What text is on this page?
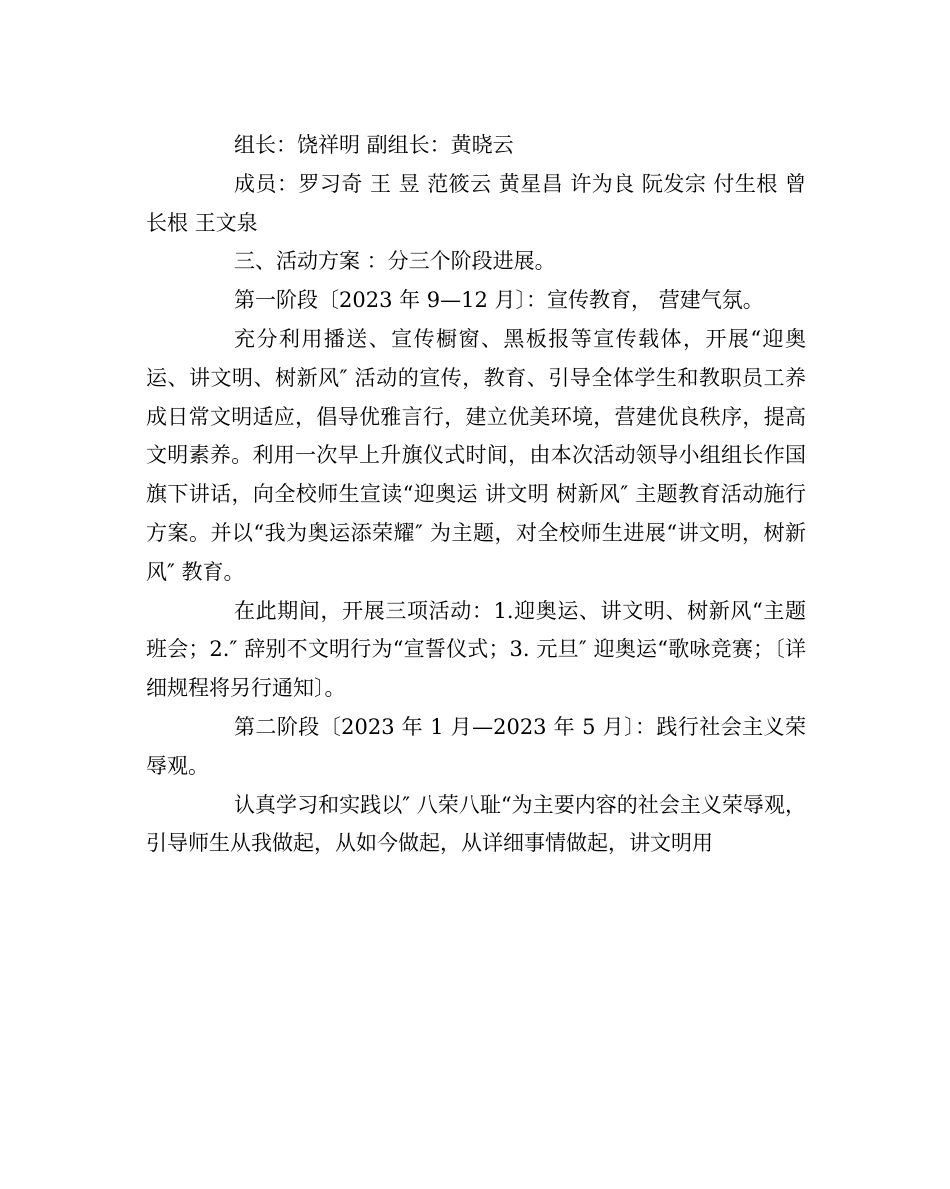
组长：饶祥明 副组长：黄晓云

成员：罗习奇 王 昱 范筱云 黄星昌 许为良 阮发宗 付生根 曾长根 王文泉

三、活动方案 ：分三个阶段进展。

第一阶段〔2023 年 9—12 月〕：宣传教育， 营建气氛。

充分利用播送、宣传橱窗、黑板报等宣传载体，开展“迎奥运、讲文明、树新风″ 活动的宣传，教育、引导全体学生和教职员工养成日常文明适应，倡导优雅言行，建立优美环境，营建优良秩序，提高文明素养。利用一次早上升旗仪式时间，由本次活动领导小组组长作国旗下讲话，向全校师生宣读“迎奥运 讲文明 树新风″ 主题教育活动施行方案。并以“我为奥运添荣耀″ 为主题，对全校师生进展“讲文明，树新风″ 教育。

在此期间，开展三项活动：1.迎奥运、讲文明、树新风“主题班会；2.″ 辞别不文明行为“宣誓仪式；3. 元旦″ 迎奥运“歌咏竞赛；〔详细规程将另行通知〕。

第二阶段〔2023 年 1 月—2023 年 5 月〕：践行社会主义荣辱观。

认真学习和实践以″ 八荣八耻“为主要内容的社会主义荣辱观，引导师生从我做起，从如今做起，从详细事情做起，讲文明用
